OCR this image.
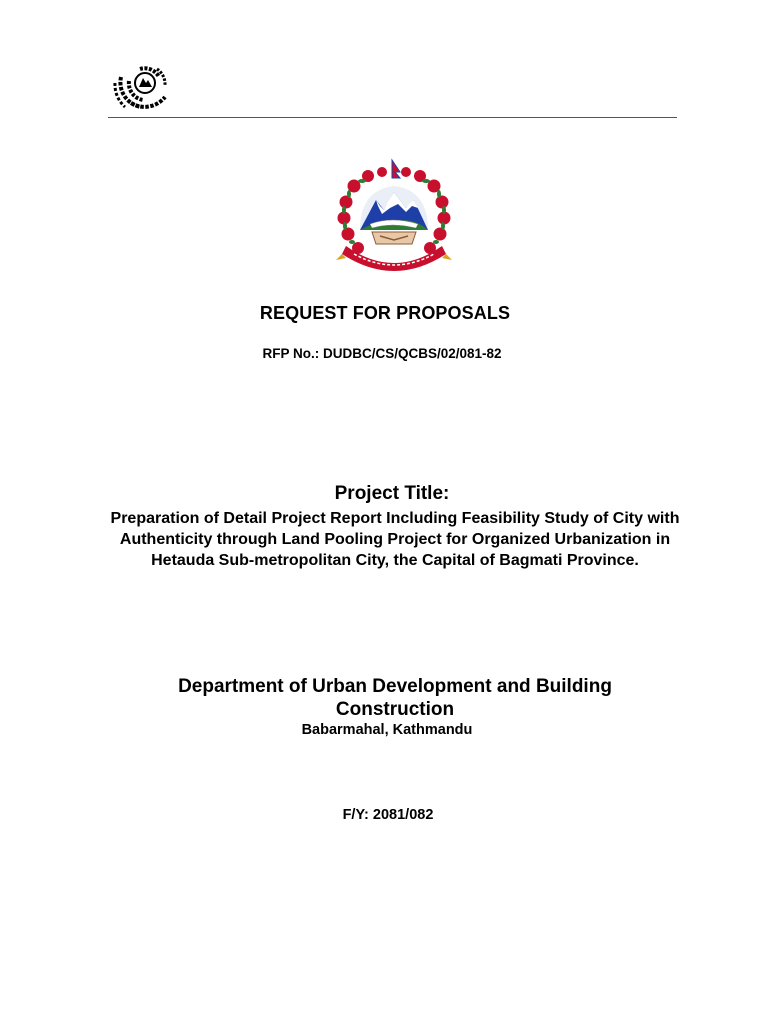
REQUEST FOR PROPOSALS
RFP No.: DUDBC/CS/QCBS/02/081-82
Project Title:
Preparation of Detail Project Report Including Feasibility Study of City with Authenticity through Land Pooling Project for Organized Urbanization in Hetauda Sub-metropolitan City, the Capital of Bagmati Province.
Department of Urban Development and Building Construction
Babarmahal, Kathmandu
F/Y: 2081/082
